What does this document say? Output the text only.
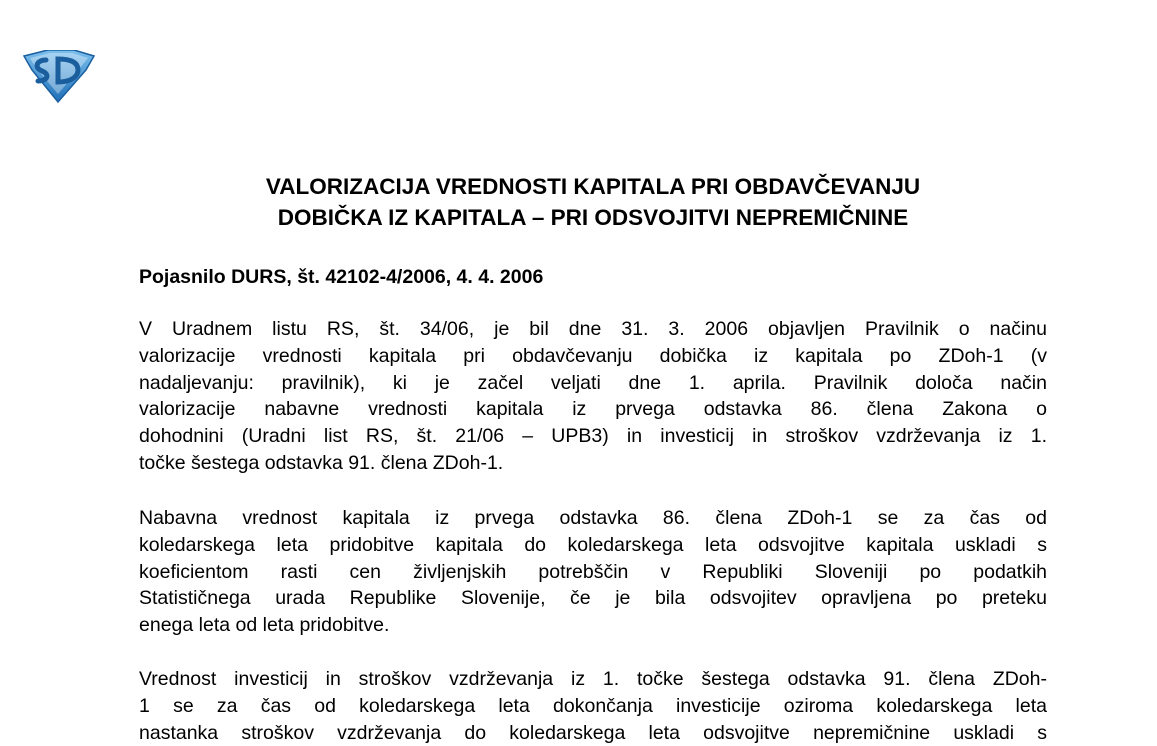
VALORIZACIJA VREDNOSTI KAPITALA PRI OBDAVČEVANJU
DOBIČKA IZ KAPITALA – PRI ODSVOJITVI NEPREMIČNINE

Pojasnilo DURS, št. 42102-4/2006, 4. 4. 2006

V Uradnem listu RS, št. 34/06, je bil dne 31. 3. 2006 objavljen Pravilnik o načinu
valorizacije vrednosti kapitala pri obdavčevanju dobička iz kapitala po ZDoh-1 (v
nadaljevanju: pravilnik), ki je začel veljati dne 1. aprila. Pravilnik določa način
valorizacije nabavne vrednosti kapitala iz prvega odstavka 86. člena Zakona o
dohodnini (Uradni list RS, št. 21/06 – UPB3) in investicij in stroškov vzdrževanja iz 1.
točke šestega odstavka 91. člena ZDoh-1.
Nabavna vrednost kapitala iz prvega odstavka 86. člena ZDoh-1 se za čas od
koledarskega leta pridobitve kapitala do koledarskega leta odsvojitve kapitala uskladi s
koeficientom rasti cen življenjskih potrebščin v Republiki Sloveniji po podatkih
Statističnega urada Republike Slovenije, če je bila odsvojitev opravljena po preteku
enega leta od leta pridobitve.
Vrednost investicij in stroškov vzdrževanja iz 1. točke šestega odstavka 91. člena ZDoh-
1 se za čas od koledarskega leta dokončanja investicije oziroma koledarskega leta
nastanka stroškov vzdrževanja do koledarskega leta odsvojitve nepremičnine uskladi s
